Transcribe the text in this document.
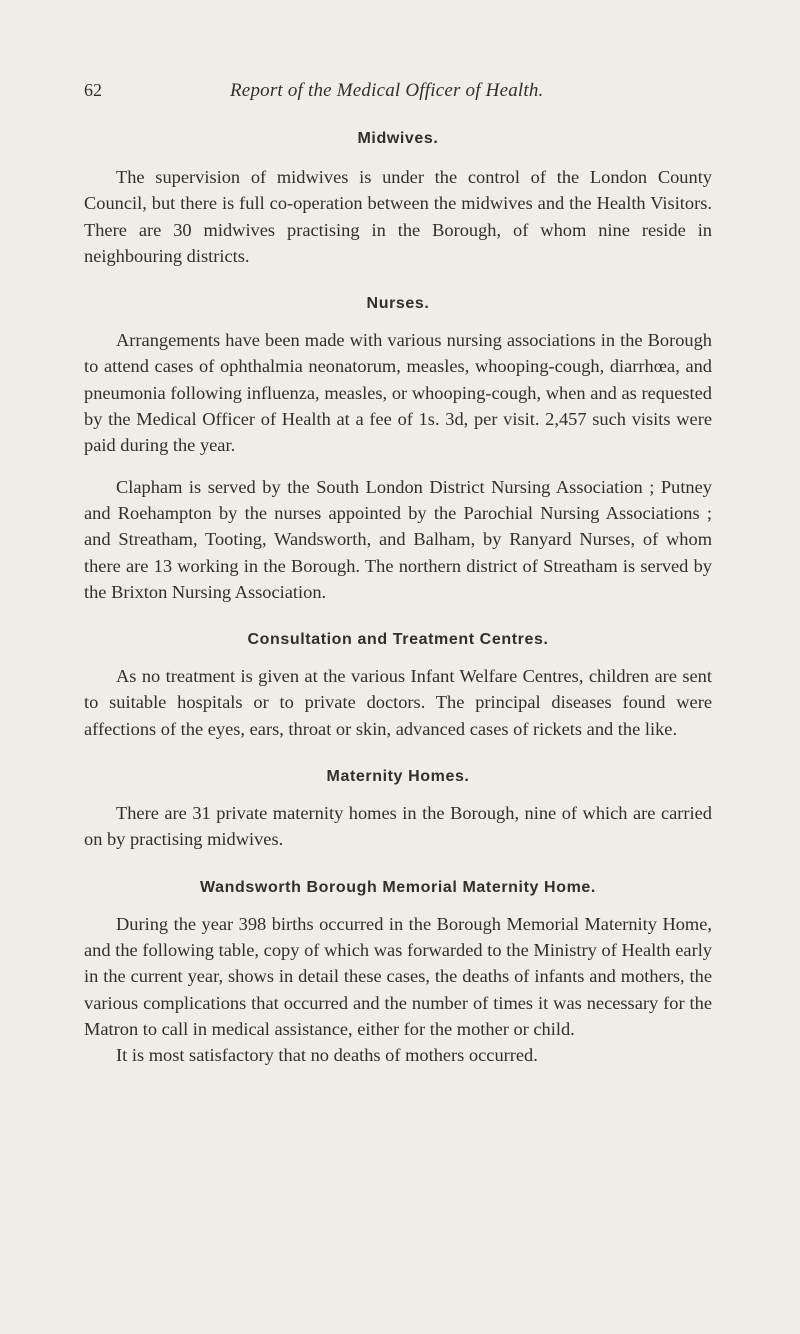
62	Report of the Medical Officer of Health.
Midwives.

The supervision of midwives is under the control of the London County Council, but there is full co-operation between the midwives and the Health Visitors. There are 30 midwives practising in the Borough, of whom nine reside in neighbouring districts.

Nurses.

Arrangements have been made with various nursing associations in the Borough to attend cases of ophthalmia neonatorum, measles, whooping-cough, diarrhœa, and pneumonia following influenza, measles, or whooping-cough, when and as requested by the Medical Officer of Health at a fee of 1s. 3d, per visit. 2,457 such visits were paid during the year.

Clapham is served by the South London District Nursing Association ; Putney and Roehampton by the nurses appointed by the Parochial Nursing Associations ; and Streatham, Tooting, Wandsworth, and Balham, by Ranyard Nurses, of whom there are 13 working in the Borough. The northern district of Streatham is served by the Brixton Nursing Association.

Consultation and Treatment Centres.

As no treatment is given at the various Infant Welfare Centres, children are sent to suitable hospitals or to private doctors. The principal diseases found were affections of the eyes, ears, throat or skin, advanced cases of rickets and the like.

Maternity Homes.

There are 31 private maternity homes in the Borough, nine of which are carried on by practising midwives.

Wandsworth Borough Memorial Maternity Home.

During the year 398 births occurred in the Borough Memorial Maternity Home, and the following table, copy of which was forwarded to the Ministry of Health early in the current year, shows in detail these cases, the deaths of infants and mothers, the various complications that occurred and the number of times it was necessary for the Matron to call in medical assistance, either for the mother or child.

It is most satisfactory that no deaths of mothers occurred.
